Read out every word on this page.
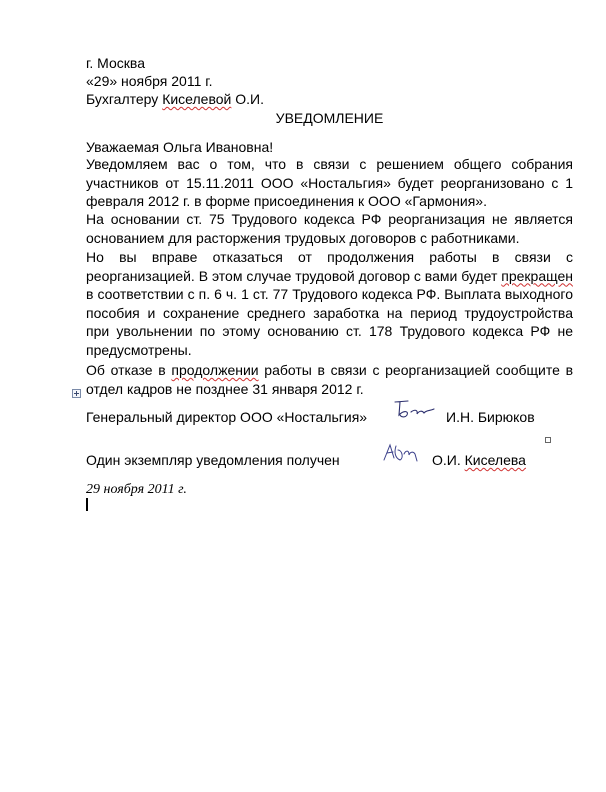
г. Москва
«29» ноября 2011 г.
Бухгалтеру Киселевой О.И.
УВЕДОМЛЕНИЕ
Уважаемая Ольга Ивановна!
Уведомляем вас о том, что в связи с решением общего собрания участников от 15.11.2011 ООО «Ностальгия» будет реорганизовано с 1 февраля 2012 г. в форме присоединения к ООО «Гармония».
На основании ст. 75 Трудового кодекса РФ реорганизация не является основанием для расторжения трудовых договоров с работниками.
Но вы вправе отказаться от продолжения работы в связи с реорганизацией. В этом случае трудовой договор с вами будет прекращен в соответствии с п. 6 ч. 1 ст. 77 Трудового кодекса РФ. Выплата выходного пособия и сохранение среднего заработка на период трудоустройства при увольнении по этому основанию ст. 178 Трудового кодекса РФ не предусмотрены.
Об отказе в продолжении работы в связи с реорганизацией сообщите в отдел кадров не позднее 31 января 2012 г.
Генеральный директор ООО «Ностальгия»	И.Н. Бирюков
Один экземпляр уведомления получен	О.И. Киселева
29 ноября 2011 г.
